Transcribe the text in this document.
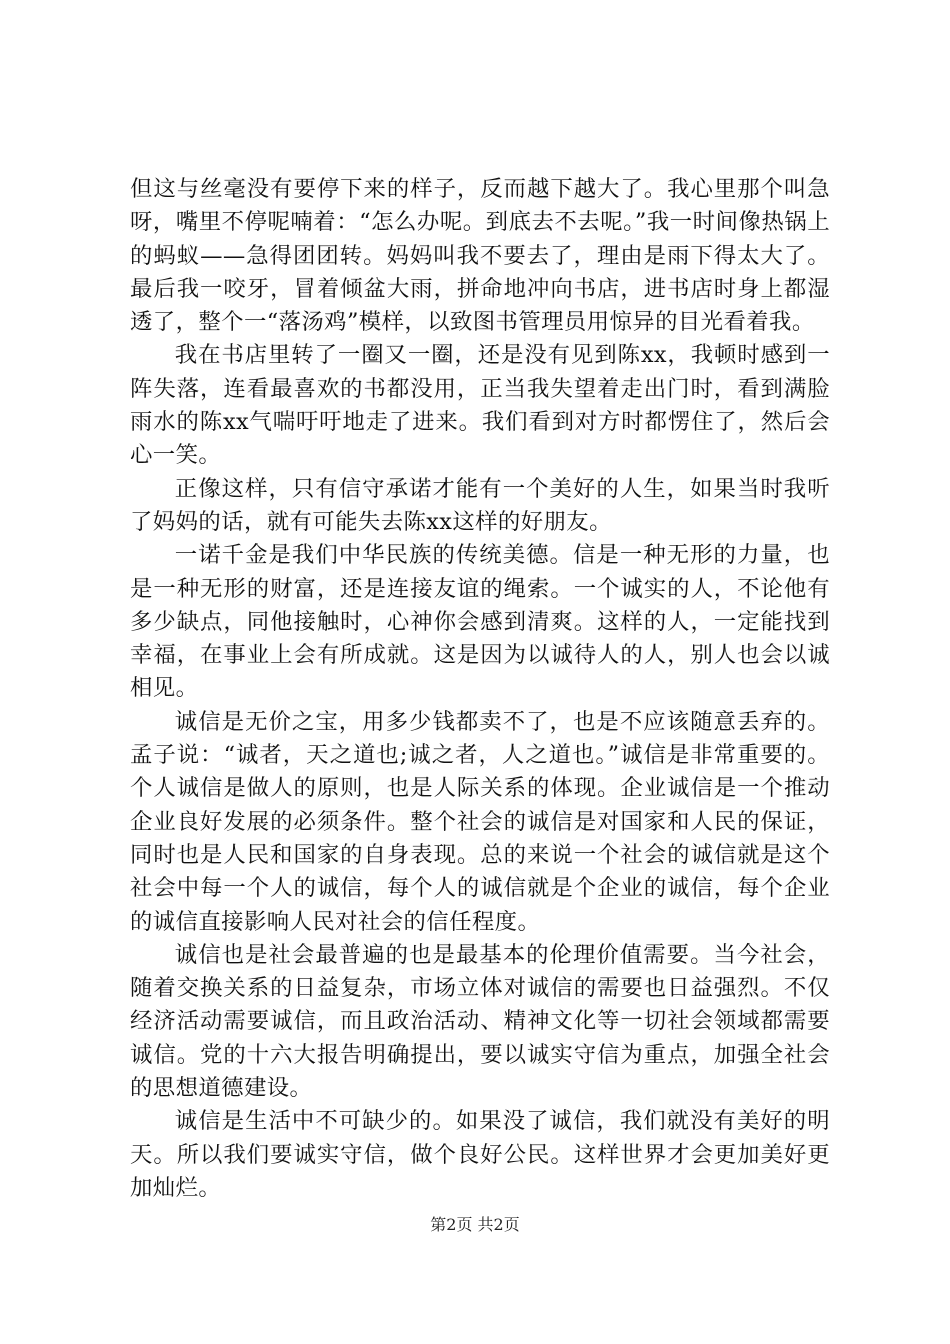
但这与丝毫没有要停下来的样子，反而越下越大了。我心里那个叫急呀，嘴里不停呢喃着：“怎么办呢。到底去不去呢。”我一时间像热锅上的蚂蚁——急得团团转。妈妈叫我不要去了，理由是雨下得太大了。最后我一咬牙，冒着倾盆大雨，拼命地冲向书店，进书店时身上都湿透了，整个一“落汤鸡”模样，以致图书管理员用惊异的目光看着我。

我在书店里转了一圈又一圈，还是没有见到陈xx，我顿时感到一阵失落，连看最喜欢的书都没用，正当我失望着走出门时，看到满脸雨水的陈xx气喘吁吁地走了进来。我们看到对方时都愣住了，然后会心一笑。

正像这样，只有信守承诺才能有一个美好的人生，如果当时我听了妈妈的话，就有可能失去陈xx这样的好朋友。

一诺千金是我们中华民族的传统美德。信是一种无形的力量，也是一种无形的财富，还是连接友谊的绳索。一个诚实的人，不论他有多少缺点，同他接触时，心神你会感到清爽。这样的人，一定能找到幸福，在事业上会有所成就。这是因为以诚待人的人，别人也会以诚相见。

诚信是无价之宝，用多少钱都卖不了，也是不应该随意丢弃的。孟子说：“诚者，天之道也;诚之者，人之道也。”诚信是非常重要的。个人诚信是做人的原则，也是人际关系的体现。企业诚信是一个推动企业良好发展的必须条件。整个社会的诚信是对国家和人民的保证，同时也是人民和国家的自身表现。总的来说一个社会的诚信就是这个社会中每一个人的诚信，每个人的诚信就是个企业的诚信，每个企业的诚信直接影响人民对社会的信任程度。

诚信也是社会最普遍的也是最基本的伦理价值需要。当今社会，随着交换关系的日益复杂，市场立体对诚信的需要也日益强烈。不仅经济活动需要诚信，而且政治活动、精神文化等一切社会领域都需要诚信。党的十六大报告明确提出，要以诚实守信为重点，加强全社会的思想道德建设。

诚信是生活中不可缺少的。如果没了诚信，我们就没有美好的明天。所以我们要诚实守信，做个良好公民。这样世界才会更加美好更加灿烂。

第2页 共2页
